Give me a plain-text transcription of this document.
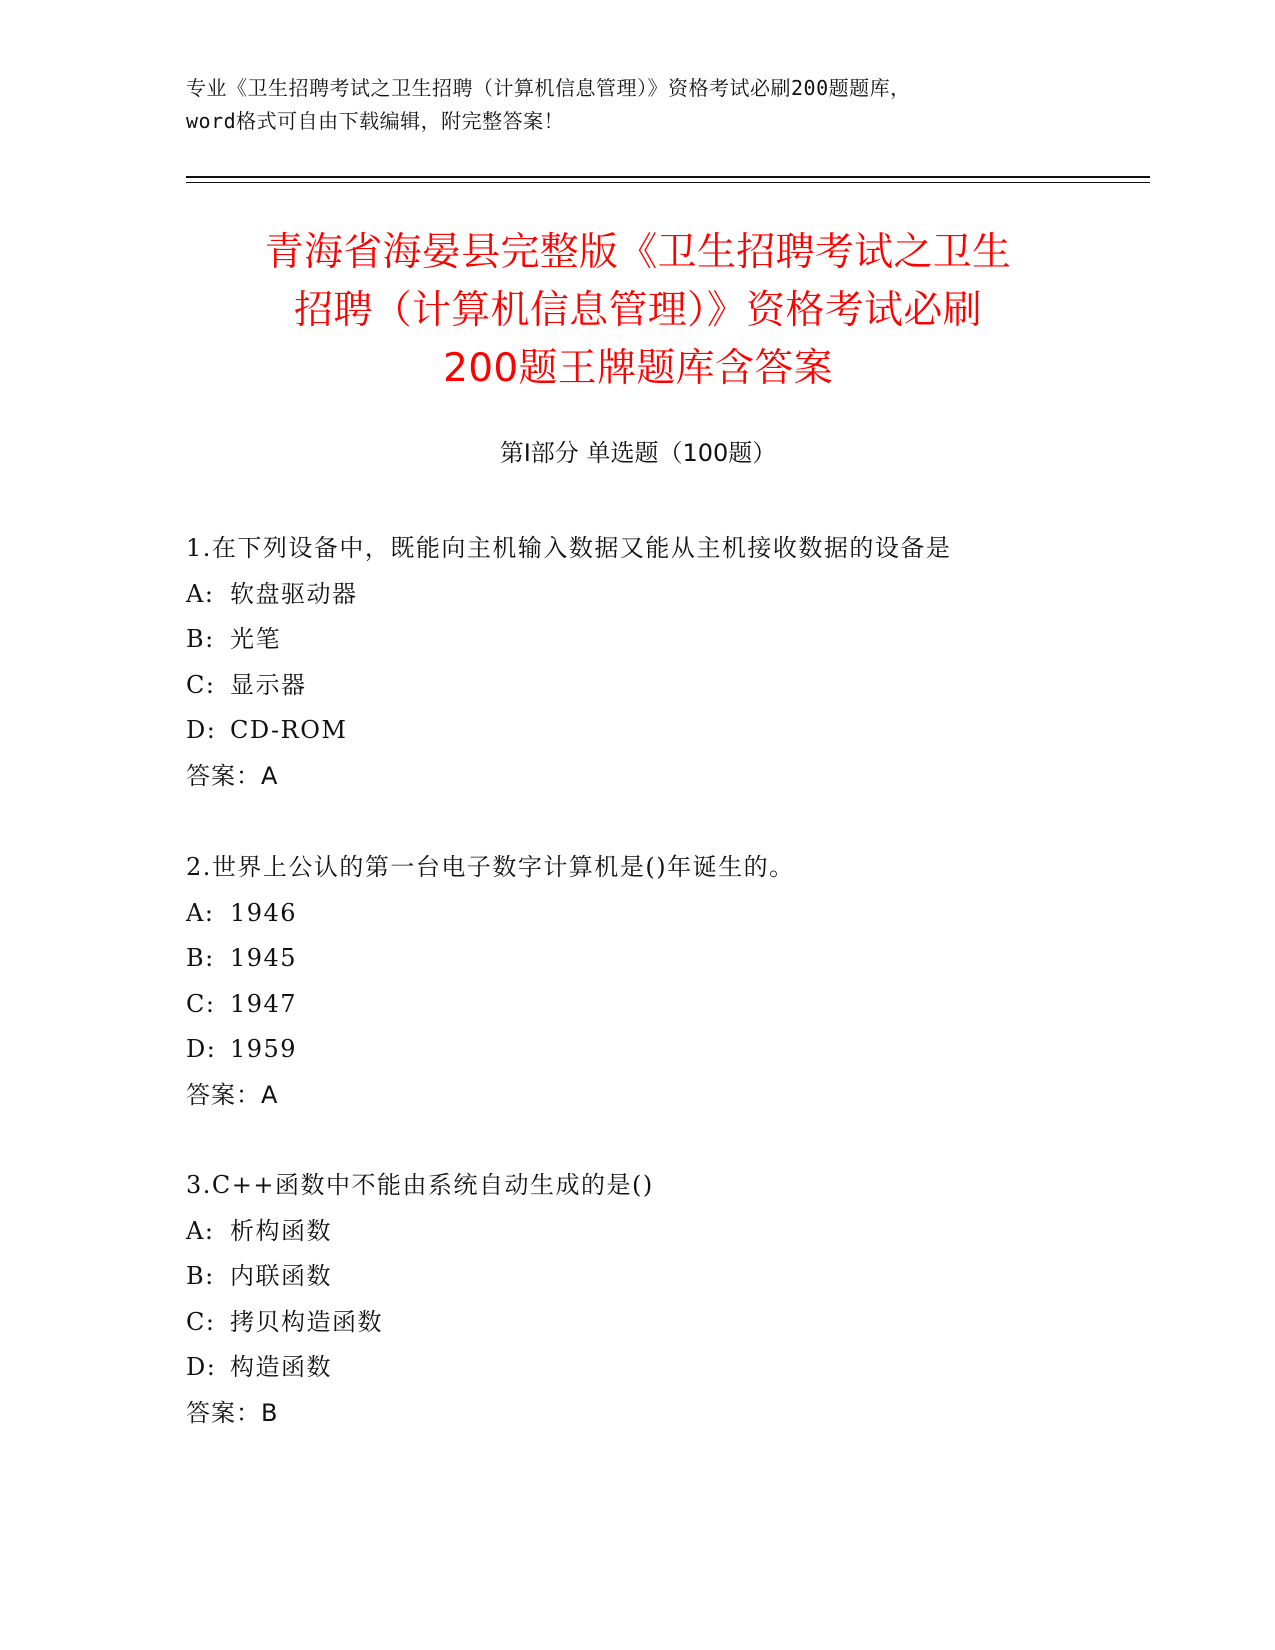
专业《卫生招聘考试之卫生招聘（计算机信息管理）》资格考试必刷200题题库，
word格式可自由下载编辑，附完整答案！
青海省海晏县完整版《卫生招聘考试之卫生
招聘（计算机信息管理）》资格考试必刷
200题王牌题库含答案
第Ⅰ部分 单选题（100题）
1.在下列设备中，既能向主机输入数据又能从主机接收数据的设备是
A: 软盘驱动器
B: 光笔
C: 显示器
D: CD-ROM
答案：A
2.世界上公认的第一台电子数字计算机是()年诞生的。
A: 1946
B: 1945
C: 1947
D: 1959
答案：A
3.C++函数中不能由系统自动生成的是()
A: 析构函数
B: 内联函数
C: 拷贝构造函数
D: 构造函数
答案：B
